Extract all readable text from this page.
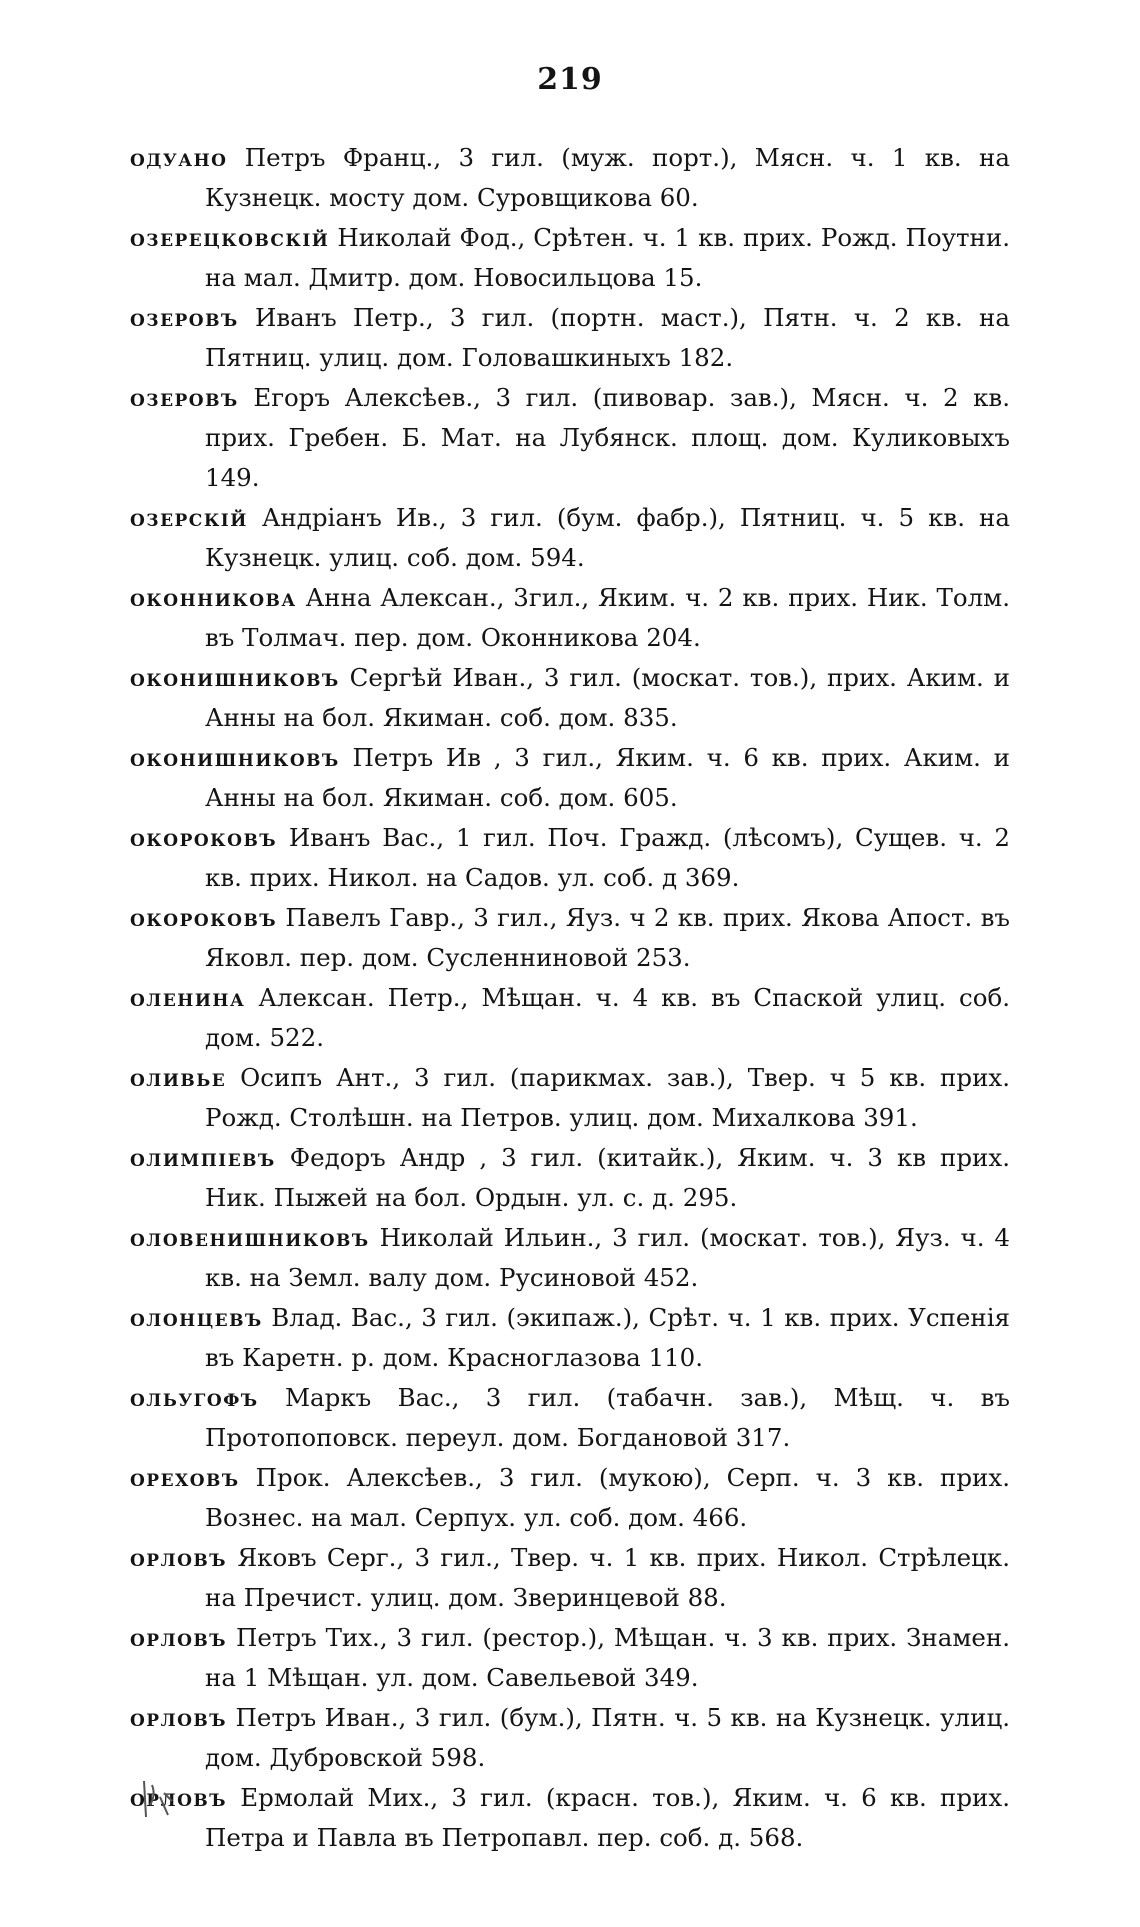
219
одуано Петръ Франц., 3 гил. (муж. порт.), Мясн. ч. 1 кв. на Кузнецк. мосту дом. Суровщикова 60.
озерецковскій Николай Фод., Срѣтен. ч. 1 кв. прих. Рожд. Поутни. на мал. Дмитр. дом. Новосильцова 15.
озеровъ Иванъ Петр., 3 гил. (портн. маст.), Пятн. ч. 2 кв. на Пятниц. улиц. дом. Головашкиныхъ 182.
озеровъ Егоръ Алексѣев., 3 гил. (пивовар. зав.), Мясн. ч. 2 кв. прих. Гребен. Б. Мат. на Лубянск. площ. дом. Куликовыхъ 149.
озерскій Андріанъ Ив., 3 гил. (бум. фабр.), Пятниц. ч. 5 кв. на Кузнецк. улиц. соб. дом. 594.
оконникова Анна Алексан., 3гил., Яким. ч. 2 кв. прих. Ник. Толм. въ Толмач. пер. дом. Оконникова 204.
оконишниковъ Сергѣй Иван., 3 гил. (москат. тов.), прих. Аким. и Анны на бол. Якиман. соб. дом. 835.
оконишниковъ Петръ Ив , 3 гил., Яким. ч. 6 кв. прих. Аким. и Анны на бол. Якиман. соб. дом. 605.
окороковъ Иванъ Вас., 1 гил. Поч. Гражд. (лѣсомъ), Сущев. ч. 2 кв. прих. Никол. на Садов. ул. соб. д 369.
окороковъ Павелъ Гавр., 3 гил., Яуз. ч 2 кв. прих. Якова Апост. въ Яковл. пер. дом. Сусленниновой 253.
оленина Алексан. Петр., Мѣщан. ч. 4 кв. въ Спаской улиц. соб. дом. 522.
оливье Осипъ Ант., 3 гил. (парикмах. зав.), Твер. ч 5 кв. прих. Рожд. Столѣшн. на Петров. улиц. дом. Михалкова 391.
олимпіевъ Федоръ Андр , 3 гил. (китайк.), Яким. ч. 3 кв прих. Ник. Пыжей на бол. Ордын. ул. с. д. 295.
оловенишниковъ Николай Ильин., 3 гил. (москат. тов.), Яуз. ч. 4 кв. на Земл. валу дом. Русиновой 452.
олонцевъ Влад. Вас., 3 гил. (экипаж.), Срѣт. ч. 1 кв. прих. Успенія въ Каретн. р. дом. Красноглазова 110.
ольугофъ Маркъ Вас., 3 гил. (табачн. зав.), Мѣщ. ч. въ Протопоповск. переул. дом. Богдановой 317.
ореховъ Прок. Алексѣев., 3 гил. (мукою), Серп. ч. 3 кв. прих. Вознес. на мал. Серпух. ул. соб. дом. 466.
орловъ Яковъ Серг., 3 гил., Твер. ч. 1 кв. прих. Никол. Стрѣлецк. на Пречист. улиц. дом. Зверинцевой 88.
орловъ Петръ Тих., 3 гил. (рестор.), Мѣщан. ч. 3 кв. прих. Знамен. на 1 Мѣщан. ул. дом. Савельевой 349.
орловъ Петръ Иван., 3 гил. (бум.), Пятн. ч. 5 кв. на Кузнецк. улиц. дом. Дубровской 598.
орловъ Ермолай Мих., 3 гил. (красн. тов.), Яким. ч. 6 кв. прих. Петра и Павла въ Петропавл. пер. соб. д. 568.
